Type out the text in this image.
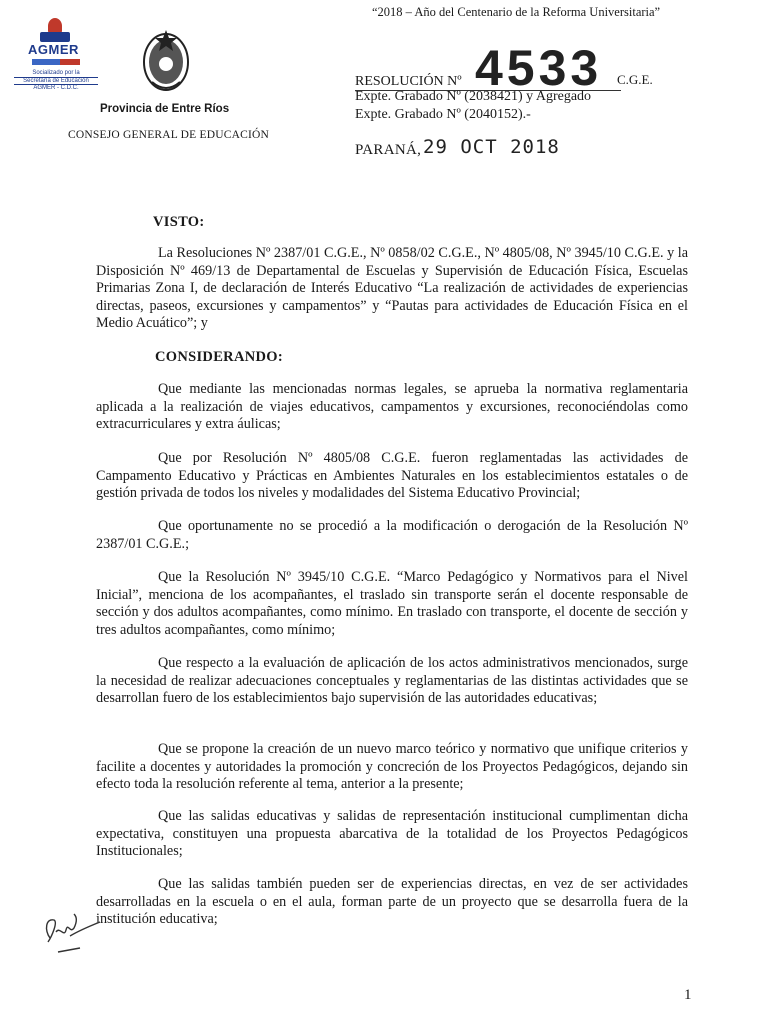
AGMER
Socializado por la
Secretaría de Educación
AGMER - C.D.C.
Provincia de Entre Ríos
CONSEJO GENERAL DE EDUCACIÓN
“2018 – Año del Centenario de la Reforma Universitaria”
RESOLUCIÓN Nº 4533 C.G.E.
Expte. Grabado Nº (2038421) y Agregado
Expte. Grabado Nº (2040152).-
PARANÁ, 29 OCT 2018
VISTO:

La Resoluciones Nº 2387/01 C.G.E., Nº 0858/02 C.G.E., Nº 4805/08, Nº 3945/10 C.G.E. y la Disposición Nº 469/13 de Departamental de Escuelas y Supervisión de Educación Física, Escuelas Primarias Zona I, de declaración de Interés Educativo “La realización de actividades de experiencias directas, paseos, excursiones y campamentos” y “Pautas para actividades de Educación Física en el Medio Acuático”; y

CONSIDERANDO:

Que mediante las mencionadas normas legales, se aprueba la normativa reglamentaria aplicada a la realización de viajes educativos, campamentos y excursiones, reconociéndolas como extracurriculares y extra áulicas;

Que por Resolución Nº 4805/08 C.G.E. fueron reglamentadas las actividades de Campamento Educativo y Prácticas en Ambientes Naturales en los establecimientos estatales o de gestión privada de todos los niveles y modalidades del Sistema Educativo Provincial;

Que oportunamente no se procedió a la modificación o derogación de la Resolución Nº 2387/01 C.G.E.;

Que la Resolución Nº 3945/10 C.G.E. “Marco Pedagógico y Normativos para el Nivel Inicial”, menciona de los acompañantes, el traslado sin transporte serán el docente responsable de sección y dos adultos acompañantes, como mínimo. En traslado con transporte, el docente de sección y tres adultos acompañantes, como mínimo;

Que respecto a la evaluación de aplicación de los actos administrativos mencionados, surge la necesidad de realizar adecuaciones conceptuales y reglamentarias de las distintas actividades que se desarrollan fuero de los establecimientos bajo supervisión de las autoridades educativas;

Que se propone la creación de un nuevo marco teórico y normativo que unifique criterios y facilite a docentes y autoridades la promoción y concreción de los Proyectos Pedagógicos, dejando sin efecto toda la resolución referente al tema, anterior a la presente;

Que las salidas educativas y salidas de representación institucional cumplimentan dicha expectativa, constituyen una propuesta abarcativa de la totalidad de los Proyectos Pedagógicos Institucionales;

Que las salidas también pueden ser de experiencias directas, en vez de ser actividades desarrolladas en la escuela o en el aula, forman parte de un proyecto que se desarrolla fuera de la institución educativa;

1
